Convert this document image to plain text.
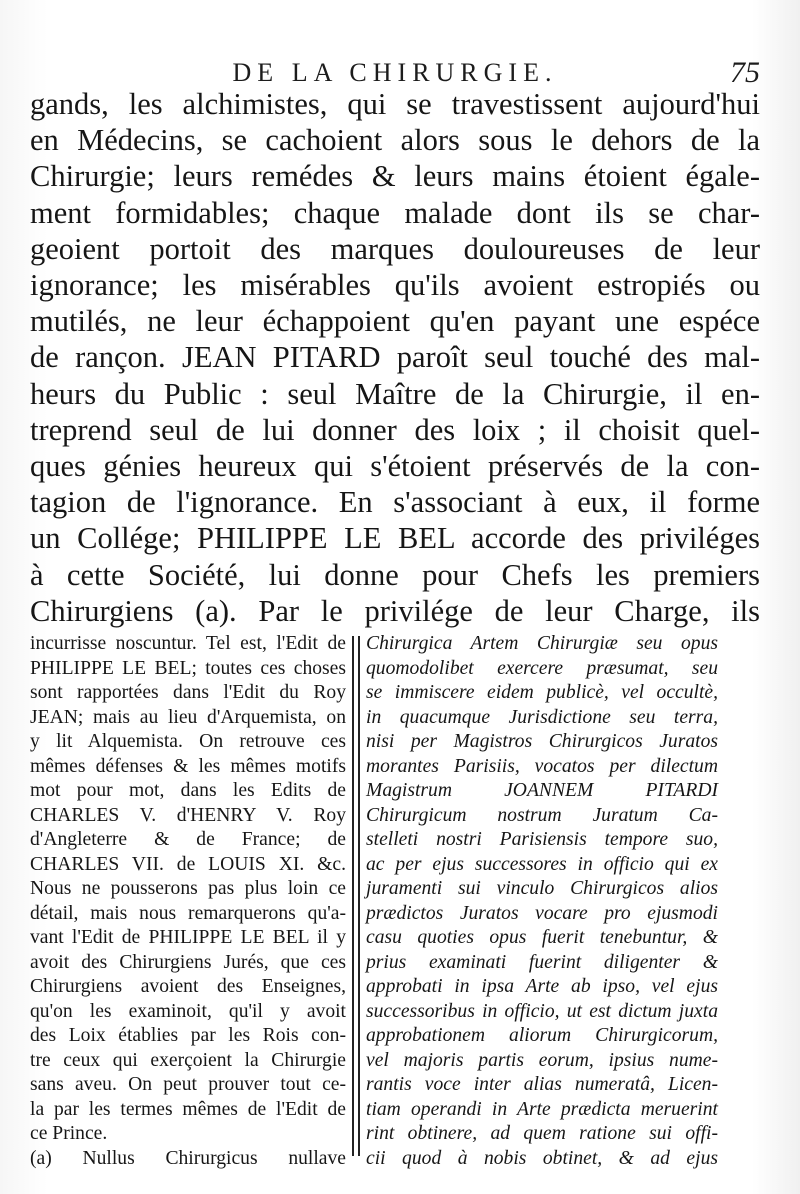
DE LA CHIRURGIE.	75
gands, les alchimistes, qui se travestissent aujourd'hui
en Médecins, se cachoient alors sous le dehors de la
Chirurgie; leurs remédes & leurs mains étoient égale-
ment formidables; chaque malade dont ils se char-
geoient portoit des marques douloureuses de leur
ignorance; les misérables qu'ils avoient estropiés ou
mutilés, ne leur échappoient qu'en payant une espéce
de rançon. JEAN PITARD paroît seul touché des mal-
heurs du Public : seul Maître de la Chirurgie, il en-
treprend seul de lui donner des loix ; il choisit quel-
ques génies heureux qui s'étoient préservés de la con-
tagion de l'ignorance. En s'associant à eux, il forme
un Collége; PHILIPPE LE BEL accorde des priviléges
à cette Société, lui donne pour Chefs les premiers
Chirurgiens (a). Par le privilége de leur Charge, ils
incurrisse noscuntur. Tel est, l'Edit de
PHILIPPE LE BEL; toutes ces choses
sont rapportées dans l'Edit du Roy
JEAN; mais au lieu d'Arquemista, on
y lit Alquemista. On retrouve ces
mêmes défenses & les mêmes motifs
mot pour mot, dans les Edits de
CHARLES V. d'HENRY V. Roy
d'Angleterre & de France; de
CHARLES VII. de LOUIS XI. &c.
Nous ne pousserons pas plus loin ce
détail, mais nous remarquerons qu'a-
vant l'Edit de PHILIPPE LE BEL il y
avoit des Chirurgiens Jurés, que ces
Chirurgiens avoient des Enseignes,
qu'on les examinoit, qu'il y avoit
des Loix établies par les Rois con-
tre ceux qui exerçoient la Chirurgie
sans aveu. On peut prouver tout ce-
la par les termes mêmes de l'Edit de
ce Prince.
(a) Nullus Chirurgicus nullave
Chirurgica Artem Chirurgiæ seu opus
quomodolibet exercere præsumat, seu
se immiscere eidem publicè, vel occultè,
in quacumque Jurisdictione seu terra,
nisi per Magistros Chirurgicos Juratos
morantes Parisiis, vocatos per dilectum
Magistrum JOANNEM PITARDI
Chirurgicum nostrum Juratum Ca-
stelleti nostri Parisiensis tempore suo,
ac per ejus successores in officio qui ex
juramenti sui vinculo Chirurgicos alios
prædictos Juratos vocare pro ejusmodi
casu quoties opus fuerit tenebuntur, &
prius examinati fuerint diligenter &
approbati in ipsa Arte ab ipso, vel ejus
successoribus in officio, ut est dictum juxta
approbationem aliorum Chirurgicorum,
vel majoris partis eorum, ipsius nume-
rantis voce inter alias numeratâ, Licen-
tiam operandi in Arte prædicta meruerint
rint obtinere, ad quem ratione sui offi-
cii quod à nobis obtinet, & ad ejus
